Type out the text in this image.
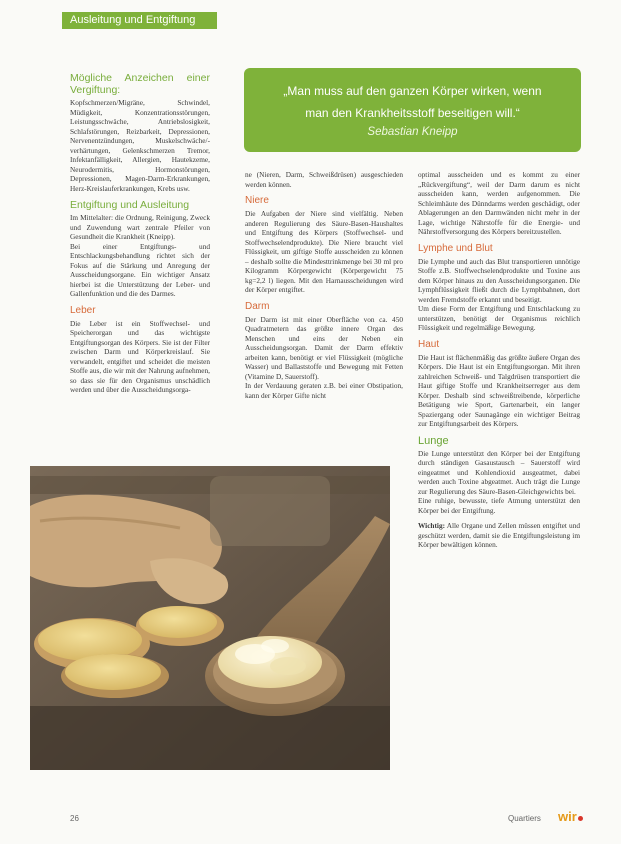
Ausleitung und Entgiftung
Mögliche Anzeichen einer Vergiftung:

Kopfschmerzen/Migräne, Schwindel, Müdigkeit, Konzentrationsstörungen, Leistungsschwäche, Antriebslosigkeit, Schlafstörungen, Reizbarkeit, Depressionen, Nervenentzündungen, Muskelschwäche/-verhärtungen, Gelenkschmerzen Tremor, Infektanfälligkeit, Allergien, Hautekzeme, Neurodermitis, Hormonstörungen, Depressionen, Magen-Darm-Erkrankungen, Herz-Kreislauferkrankungen, Krebs usw.

Entgiftung und Ausleitung

Im Mittelalter: die Ordnung, Reinigung, Zweck und Zuwendung wart zentrale Pfeiler von Gesundheit die Krankheit (Kneipp).

Bei einer Entgiftungs- und Entschlackungsbehandlung richtet sich der Fokus auf die Stärkung und Anregung der Ausscheidungsorgane. Ein wichtiger Ansatz hierbei ist die Unterstützung der Leber- und Gallenfunktion und die des Darmes.

Leber

Die Leber ist ein Stoffwechsel- und Speicherorgan und das wichtigste Entgiftungsorgan des Körpers. Sie ist der Filter zwischen Darm und Körperkreislauf. Sie verwandelt, entgiftet und scheidet die meisten Stoffe aus, die wir mit der Nahrung aufnehmen, so dass sie für den Organismus unschädlich werden und über die Ausscheidungsorga-

„Man muss auf den ganzen Körper wirken, wenn
man den Krankheitsstoff beseitigen will.“
Sebastian Kneipp

ne (Nieren, Darm, Schweißdrüsen) ausgeschieden werden können.

Niere

Die Aufgaben der Niere sind vielfältig. Neben anderen Regulierung des Säure-Basen-Haushaltes und Entgiftung des Körpers (Stoffwechsel- und Stoffwechselendprodukte). Die Niere braucht viel Flüssigkeit, um giftige Stoffe ausscheiden zu können – deshalb sollte die Mindesttrinkmenge bei 30 ml pro Kilogramm Körpergewicht (Körpergewicht 75 kg=2,2 l) liegen. Mit den Harnausscheidungen wird der Körper entgiftet.

Darm

Der Darm ist mit einer Oberfläche von ca. 450 Quadratmetern das größte innere Organ des Menschen und eins der Neben ein Ausscheidungsorgan. Damit der Darm effektiv arbeiten kann, benötigt er viel Flüssigkeit (mögliche Wasser) und Ballaststoffe und Bewegung mit Fetten (Vitamine D, Sauerstoff).

In der Verdauung geraten z.B. bei einer Obstipation, kann der Körper Gifte nicht

optimal ausscheiden und es kommt zu einer „Rückvergiftung“, weil der Darm darum es nicht ausscheiden kann, werden aufgenommen. Die Schleimhäute des Dünndarms werden geschädigt, oder Ablagerungen an den Darmwänden nicht mehr in der Lage, wichtige Nährstoffe für die Energie- und Nährstoffversorgung des Körpers bereitzustellen.

Lymphe und Blut

Die Lymphe und auch das Blut transportieren unnötige Stoffe z.B. Stoffwechselendprodukte und Toxine aus dem Körper hinaus zu den Ausscheidungsorganen. Die Lymphflüssigkeit fließt durch die Lymphbahnen, dort werden Fremdstoffe erkannt und beseitigt.

Um diese Form der Entgiftung und Entschlackung zu unterstützen, benötigt der Organismus reichlich Flüssigkeit und regelmäßige Bewegung.

Haut

Die Haut ist flächenmäßig das größte äußere Organ des Körpers. Die Haut ist ein Entgiftungsorgan. Mit ihren zahlreichen Schweiß- und Talgdrüsen transportiert die Haut giftige Stoffe und Krankheitserreger aus dem Körper. Deshalb sind schweißtreibende, körperliche Betätigung wie Sport, Gartenarbeit, ein langer Spaziergang oder Saunagänge ein wichtiger Beitrag zur Entgiftungsarbeit des Körpers.

Lunge

Die Lunge unterstützt den Körper bei der Entgiftung durch ständigen Gasaustausch – Sauerstoff wird eingeatmet und Kohlendioxid ausgeatmet, dabei werden auch Toxine abgeatmet. Auch trägt die Lunge zur Regulierung des Säure-Basen-Gleichgewichts bei.

Eine ruhige, bewusste, tiefe Atmung unterstützt den Körper bei der Entgiftung.

Wichtig: Alle Organe und Zellen müssen entgiftet und geschützt werden, damit sie die Entgiftungsleistung im Körper bewältigen können.

26	Quartiers wir
